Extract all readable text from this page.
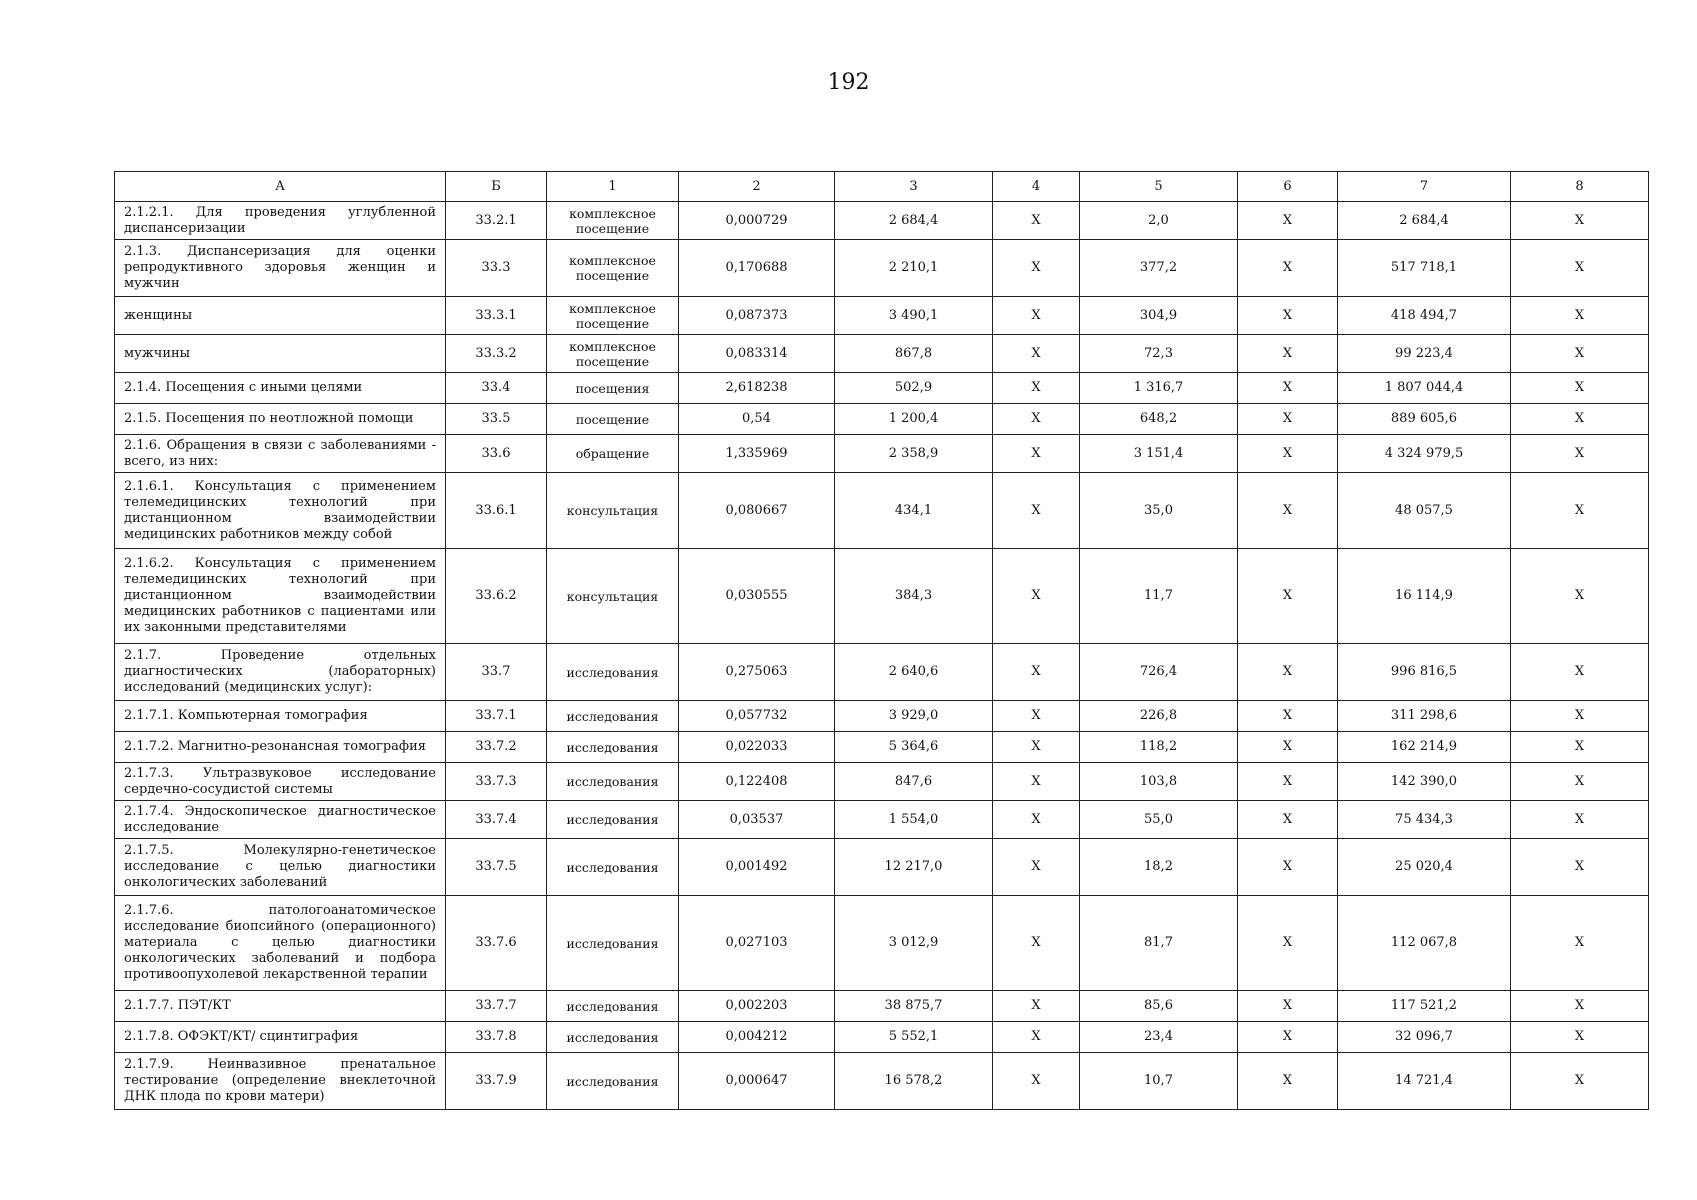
192
А	Б	1	2	3	4	5	6	7	8
2.1.2.1. Для проведения углубленной диспансеризации	33.2.1	комплексное посещение	0,000729	2 684,4	X	2,0	X	2 684,4	X
2.1.3. Диспансеризация для оценки репродуктивного здоровья женщин и мужчин	33.3	комплексное посещение	0,170688	2 210,1	X	377,2	X	517 718,1	X
женщины	33.3.1	комплексное посещение	0,087373	3 490,1	X	304,9	X	418 494,7	X
мужчины	33.3.2	комплексное посещение	0,083314	867,8	X	72,3	X	99 223,4	X
2.1.4. Посещения с иными целями	33.4	посещения	2,618238	502,9	X	1 316,7	X	1 807 044,4	X
2.1.5. Посещения по неотложной помощи	33.5	посещение	0,54	1 200,4	X	648,2	X	889 605,6	X
2.1.6. Обращения в связи с заболеваниями - всего, из них:	33.6	обращение	1,335969	2 358,9	X	3 151,4	X	4 324 979,5	X
2.1.6.1. Консультация с применением телемедицинских технологий при дистанционном взаимодействии медицинских работников между собой	33.6.1	консультация	0,080667	434,1	X	35,0	X	48 057,5	X
2.1.6.2. Консультация с применением телемедицинских технологий при дистанционном взаимодействии медицинских работников с пациентами или их законными представителями	33.6.2	консультация	0,030555	384,3	X	11,7	X	16 114,9	X
2.1.7. Проведение отдельных диагностических (лабораторных) исследований (медицинских услуг):	33.7	исследования	0,275063	2 640,6	X	726,4	X	996 816,5	X
2.1.7.1. Компьютерная томография	33.7.1	исследования	0,057732	3 929,0	X	226,8	X	311 298,6	X
2.1.7.2. Магнитно-резонансная томография	33.7.2	исследования	0,022033	5 364,6	X	118,2	X	162 214,9	X
2.1.7.3. Ультразвуковое исследование сердечно-сосудистой системы	33.7.3	исследования	0,122408	847,6	X	103,8	X	142 390,0	X
2.1.7.4. Эндоскопическое диагностическое исследование	33.7.4	исследования	0,03537	1 554,0	X	55,0	X	75 434,3	X
2.1.7.5. Молекулярно-генетическое исследование с целью диагностики онкологических заболеваний	33.7.5	исследования	0,001492	12 217,0	X	18,2	X	25 020,4	X
2.1.7.6. патологоанатомическое исследование биопсийного (операционного) материала с целью диагностики онкологических заболеваний и подбора противоопухолевой лекарственной терапии	33.7.6	исследования	0,027103	3 012,9	X	81,7	X	112 067,8	X
2.1.7.7. ПЭТ/КТ	33.7.7	исследования	0,002203	38 875,7	X	85,6	X	117 521,2	X
2.1.7.8. ОФЭКТ/КТ/ сцинтиграфия	33.7.8	исследования	0,004212	5 552,1	X	23,4	X	32 096,7	X
2.1.7.9. Неинвазивное пренатальное тестирование (определение внеклеточной ДНК плода по крови матери)	33.7.9	исследования	0,000647	16 578,2	X	10,7	X	14 721,4	X
